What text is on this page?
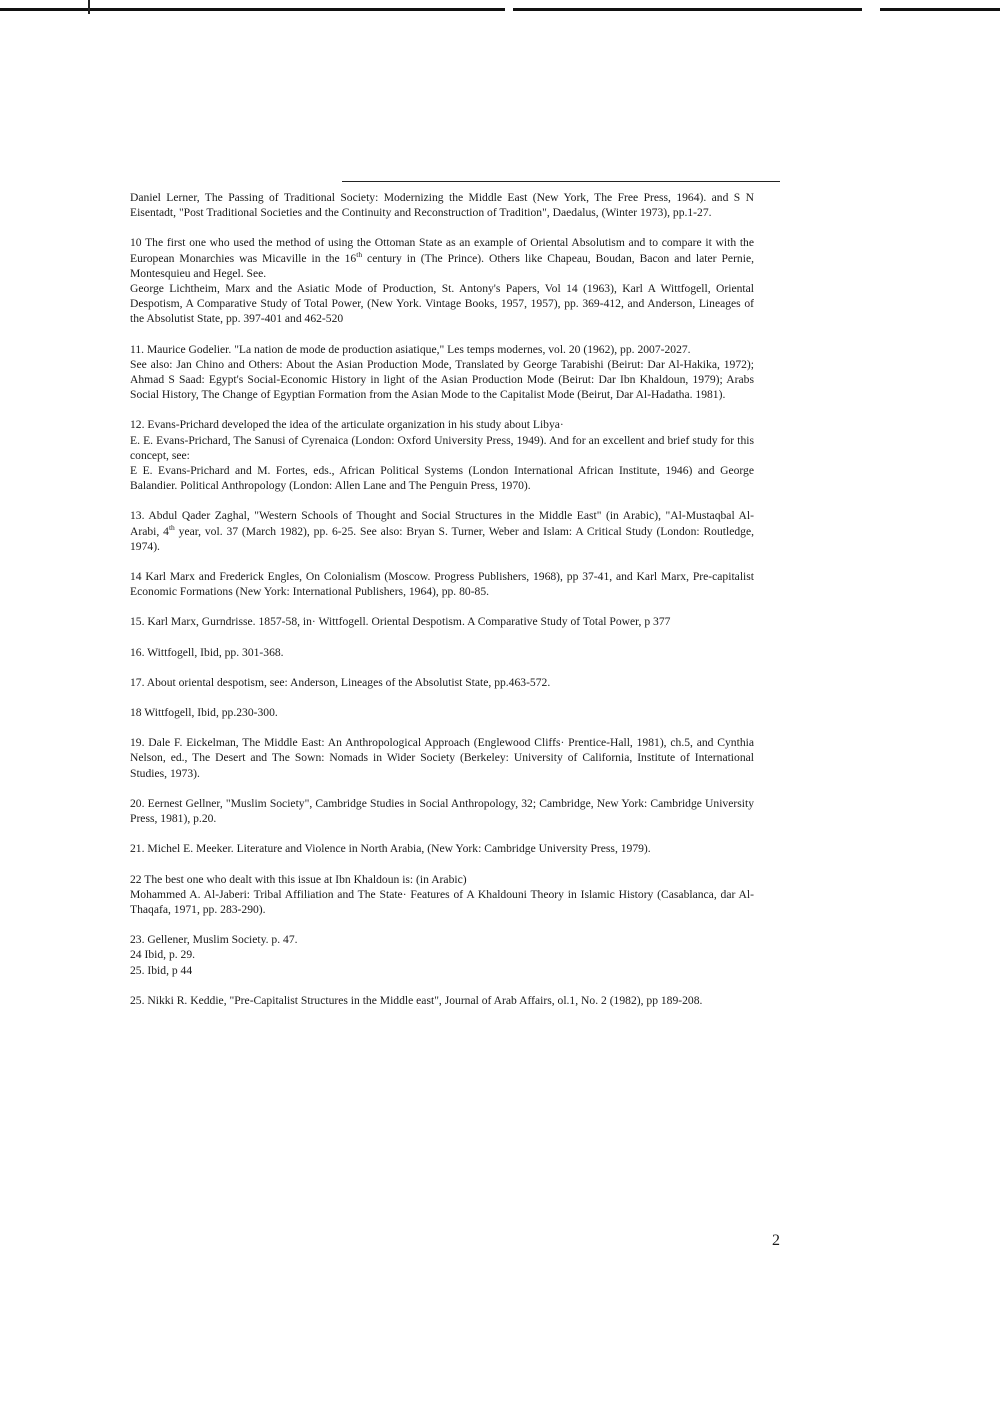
Daniel Lerner, The Passing of Traditional Society: Modernizing the Middle East (New York, The Free Press, 1964). and S N Eisentadt, "Post Traditional Societies and the Continuity and Reconstruction of Tradition", Daedalus, (Winter 1973), pp.1-27.

10 The first one who used the method of using the Ottoman State as an example of Oriental Absolutism and to compare it with the European Monarchies was Micaville in the 16th century in (The Prince). Others like Chapeau, Boudan, Bacon and later Pernie, Montesquieu and Hegel. See.

George Lichtheim, Marx and the Asiatic Mode of Production, St. Antony's Papers, Vol 14 (1963), Karl A Wittfogell, Oriental Despotism, A Comparative Study of Total Power, (New York. Vintage Books, 1957, 1957), pp. 369-412, and Anderson, Lineages of the Absolutist State, pp. 397-401 and 462-520

11. Maurice Godelier. "La nation de mode de production asiatique," Les temps modernes, vol. 20 (1962), pp. 2007-2027.

See also: Jan Chino and Others: About the Asian Production Mode, Translated by George Tarabishi (Beirut: Dar Al-Hakika, 1972); Ahmad S Saad: Egypt's Social-Economic History in light of the Asian Production Mode (Beirut: Dar Ibn Khaldoun, 1979); Arabs Social History, The Change of Egyptian Formation from the Asian Mode to the Capitalist Mode (Beirut, Dar Al-Hadatha. 1981).

12. Evans-Prichard developed the idea of the articulate organization in his study about Libya·

E. E. Evans-Prichard, The Sanusi of Cyrenaica (London: Oxford University Press, 1949). And for an excellent and brief study for this concept, see:

E E. Evans-Prichard and M. Fortes, eds., African Political Systems (London International African Institute, 1946) and George Balandier. Political Anthropology (London: Allen Lane and The Penguin Press, 1970).

13. Abdul Qader Zaghal, "Western Schools of Thought and Social Structures in the Middle East" (in Arabic), "Al-Mustaqbal Al-Arabi, 4th year, vol. 37 (March 1982), pp. 6-25. See also: Bryan S. Turner, Weber and Islam: A Critical Study (London: Routledge, 1974).

14 Karl Marx and Frederick Engles, On Colonialism (Moscow. Progress Publishers, 1968), pp 37-41, and Karl Marx, Pre-capitalist Economic Formations (New York: International Publishers, 1964), pp. 80-85.

15. Karl Marx, Gurndrisse. 1857-58, in· Wittfogell. Oriental Despotism. A Comparative Study of Total Power, p 377

16. Wittfogell, Ibid, pp. 301-368.

17. About oriental despotism, see: Anderson, Lineages of the Absolutist State, pp.463-572.

18 Wittfogell, Ibid, pp.230-300.

19. Dale F. Eickelman, The Middle East: An Anthropological Approach (Englewood Cliffs· Prentice-Hall, 1981), ch.5, and Cynthia Nelson, ed., The Desert and The Sown: Nomads in Wider Society (Berkeley: University of California, Institute of International Studies, 1973).

20. Eernest Gellner, "Muslim Society", Cambridge Studies in Social Anthropology, 32; Cambridge, New York: Cambridge University Press, 1981), p.20.

21. Michel E. Meeker. Literature and Violence in North Arabia, (New York: Cambridge University Press, 1979).

22 The best one who dealt with this issue at Ibn Khaldoun is: (in Arabic)

Mohammed A. Al-Jaberi: Tribal Affiliation and The State· Features of A Khaldouni Theory in Islamic History (Casablanca, dar Al-Thaqafa, 1971, pp. 283-290).

23. Gellener, Muslim Society. p. 47.

24 Ibid, p. 29.

25. Ibid, p 44

25. Nikki R. Keddie, "Pre-Capitalist Structures in the Middle east", Journal of Arab Affairs, ol.1, No. 2 (1982), pp 189-208.

2
